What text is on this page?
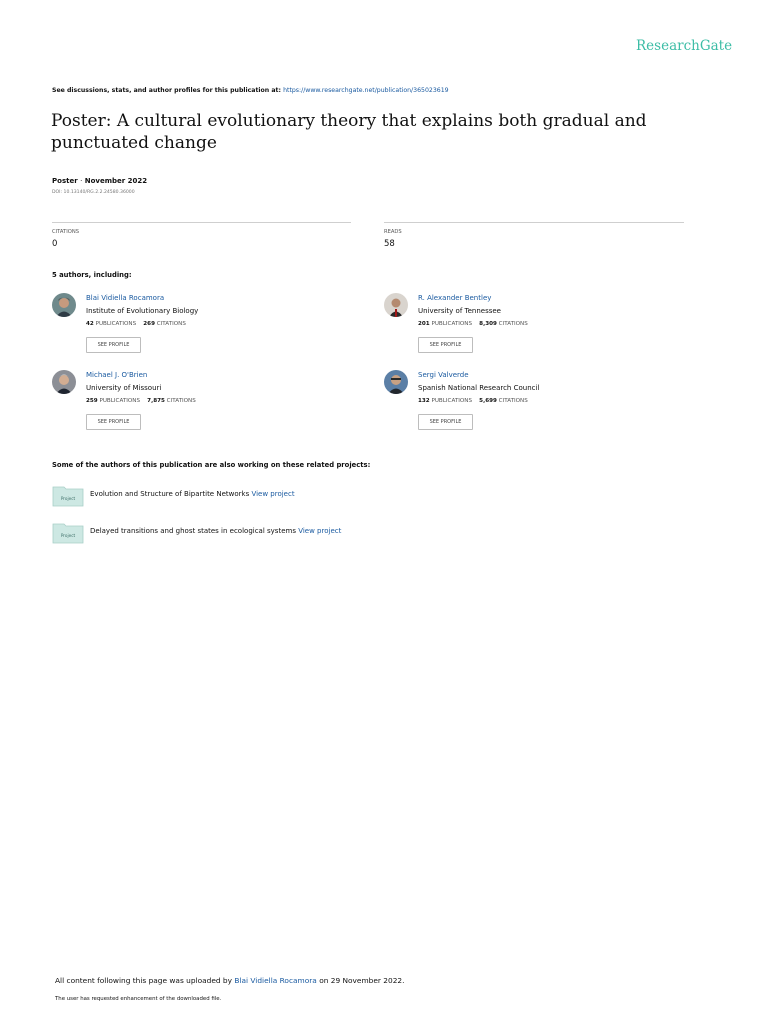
ResearchGate
See discussions, stats, and author profiles for this publication at: https://www.researchgate.net/publication/365023619
Poster: A cultural evolutionary theory that explains both gradual and punctuated change
Poster · November 2022
DOI: 10.13140/RG.2.2.24580.36000
CITATIONS
0
READS
58
5 authors, including:
Blai Vidiella Rocamora
Institute of Evolutionary Biology
42 PUBLICATIONS 269 CITATIONS
SEE PROFILE
R. Alexander Bentley
University of Tennessee
201 PUBLICATIONS 8,309 CITATIONS
SEE PROFILE
Michael J. O'Brien
University of Missouri
259 PUBLICATIONS 7,875 CITATIONS
SEE PROFILE
Sergi Valverde
Spanish National Research Council
132 PUBLICATIONS 5,699 CITATIONS
SEE PROFILE
Some of the authors of this publication are also working on these related projects:
Project
Evolution and Structure of Bipartite Networks View project
Project
Delayed transitions and ghost states in ecological systems View project
All content following this page was uploaded by Blai Vidiella Rocamora on 29 November 2022.
The user has requested enhancement of the downloaded file.
